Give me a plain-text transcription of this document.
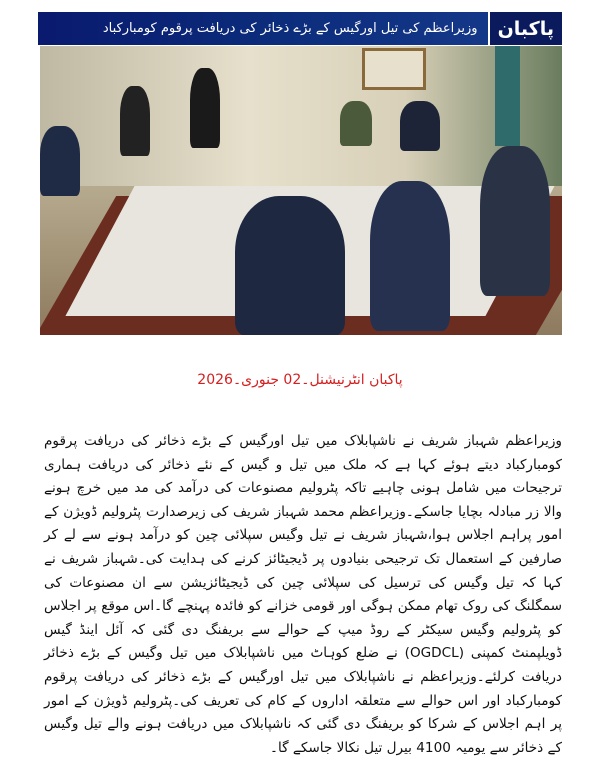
پاکبان
وزیراعظم کی تیل اورگیس کے بڑے ذخائر کی دریافت پرقوم کومبارکباد
پاکبان انٹرنیشنل۔02 جنوری۔2026
وزیراعظم شہباز شریف نے ناشپابلاک میں تیل اورگیس کے بڑے ذخائر کی دریافت پرقوم کومبارکباد دیتے ہوئے کہا ہے کہ ملک میں تیل و گیس کے نئے ذخائر کی دریافت ہماری ترجیحات میں شامل ہونی چاہیے تاکہ پٹرولیم مصنوعات کی درآمد کی مد میں خرچ ہونے والا زر مبادلہ بچایا جاسکے۔وزیراعظم محمد شہباز شریف کی زیرصدارت پٹرولیم ڈویژن کے امور پراہم اجلاس ہوا،شہباز شریف نے تیل وگیس سپلائی چین کو درآمد ہونے سے لے کر صارفین کے استعمال تک ترجیحی بنیادوں پر ڈیجیٹائز کرنے کی ہدایت کی۔شہباز شریف نے کہا کہ تیل وگیس کی ترسیل کی سپلائی چین کی ڈیجیٹائزیشن سے ان مصنوعات کی سمگلنگ کی روک تھام ممکن ہوگی اور قومی خزانے کو فائدہ پہنچے گا۔اس موقع پر اجلاس کو پٹرولیم وگیس سیکٹر کے روڈ میپ کے حوالے سے بریفنگ دی گئی کہ آئل اینڈ گیس ڈویلپمنٹ کمپنی (OGDCL) نے ضلع کوہاٹ میں ناشپابلاک میں تیل وگیس کے بڑے ذخائر دریافت کرلئے۔وزیراعظم نے ناشپابلاک میں تیل اورگیس کے بڑے ذخائر کی دریافت پرقوم کومبارکباد اور اس حوالے سے متعلقہ اداروں کے کام کی تعریف کی۔پٹرولیم ڈویژن کے امور پر اہم اجلاس کے شرکا کو بریفنگ دی گئی کہ ناشپابلاک میں دریافت ہونے والے تیل وگیس کے ذخائر سے یومیہ 4100 بیرل تیل نکالا جاسکے گا۔
